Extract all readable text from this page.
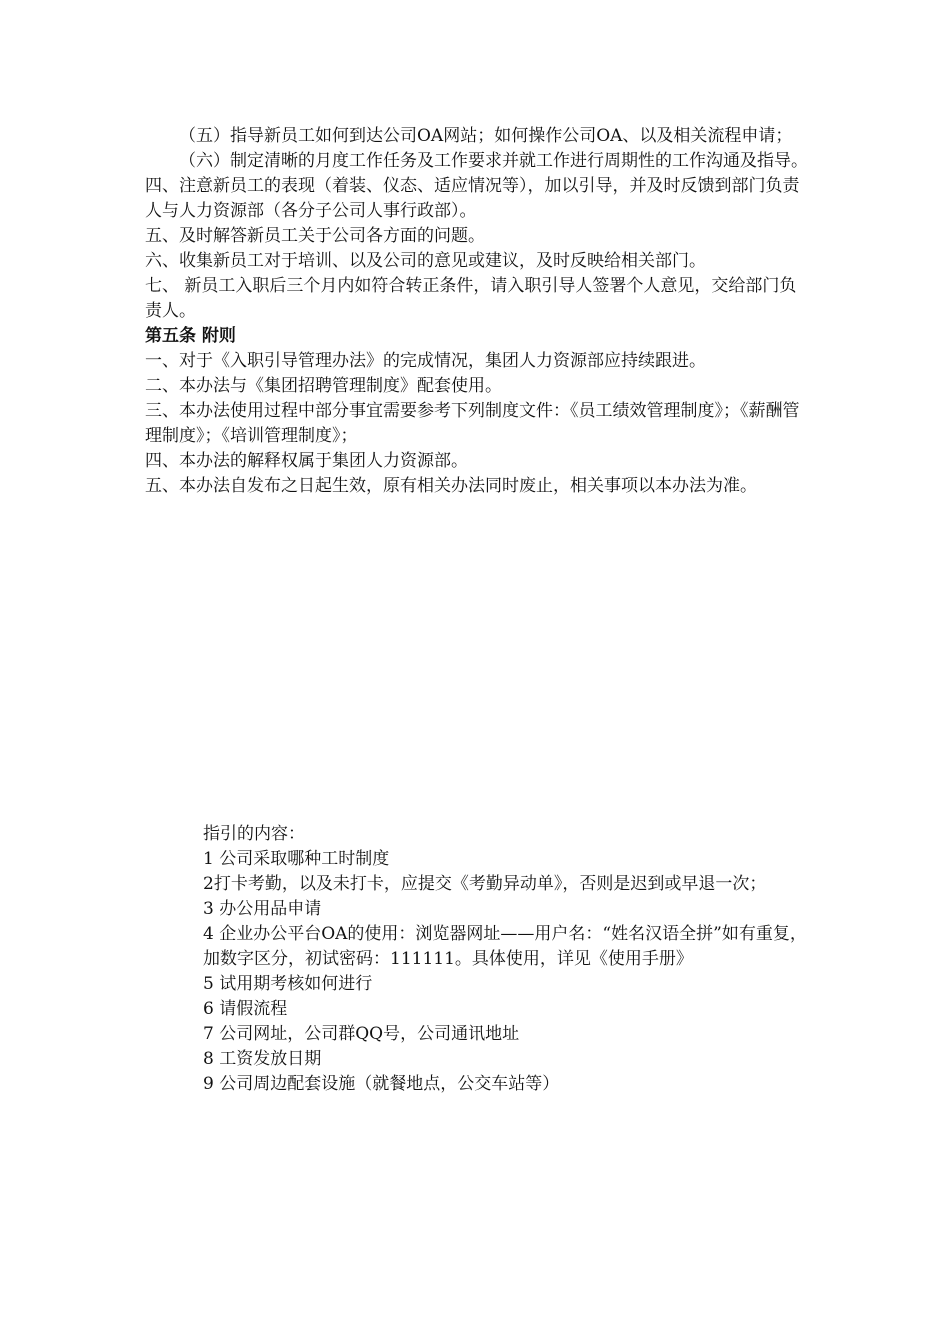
（五）指导新员工如何到达公司OA网站；如何操作公司OA、以及相关流程申请；

（六）制定清晰的月度工作任务及工作要求并就工作进行周期性的工作沟通及指导。　　四、注意新员工的表现（着装、仪态、适应情况等），加以引导，并及时反馈到部门负责人与人力资源部（各分子公司人事行政部）。

五、及时解答新员工关于公司各方面的问题。

六、收集新员工对于培训、以及公司的意见或建议，及时反映给相关部门。

七、 新员工入职后三个月内如符合转正条件，请入职引导人签署个人意见，交给部门负责人。

第五条 附则

一、对于《入职引导管理办法》的完成情况，集团人力资源部应持续跟进。

二、本办法与《集团招聘管理制度》配套使用。

三、本办法使用过程中部分事宜需要参考下列制度文件：《员工绩效管理制度》；《薪酬管理制度》；《培训管理制度》；

四、本办法的解释权属于集团人力资源部。

五、本办法自发布之日起生效，原有相关办法同时废止，相关事项以本办法为准。

指引的内容：

1 公司采取哪种工时制度

2打卡考勤，以及未打卡，应提交《考勤异动单》，否则是迟到或早退一次；

3 办公用品申请

4 企业办公平台OA的使用：浏览器网址——用户名：“姓名汉语全拼”如有重复，加数字区分，初试密码：111111。具体使用，详见《使用手册》

5 试用期考核如何进行

6 请假流程

7 公司网址，公司群QQ号，公司通讯地址

8 工资发放日期

9 公司周边配套设施（就餐地点，公交车站等）
